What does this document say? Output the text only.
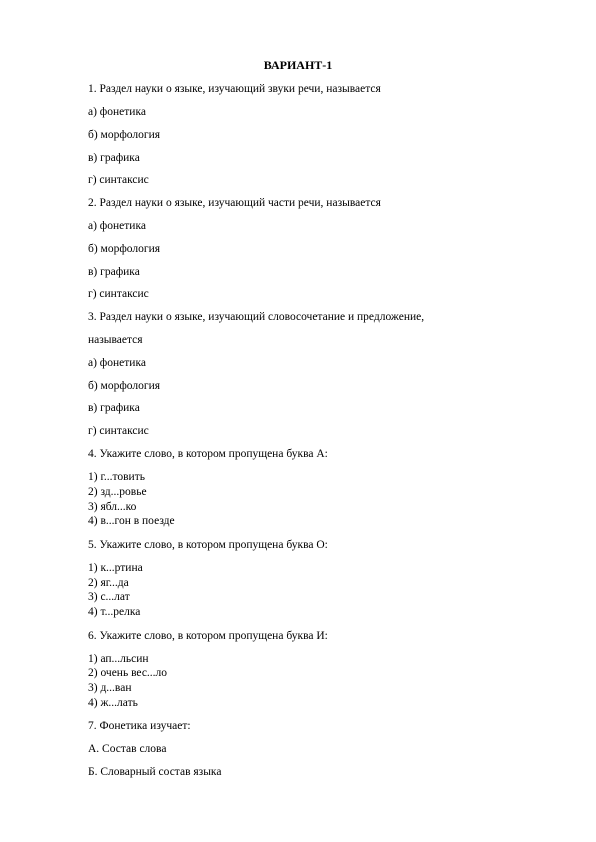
ВАРИАНТ-1
1. Раздел науки о языке, изучающий звуки речи, называется
а) фонетика
б) морфология
в) графика
г) синтаксис
2. Раздел науки о языке, изучающий части речи, называется
а) фонетика
б) морфология
в) графика
г) синтаксис
3. Раздел науки о языке, изучающий словосочетание и предложение,
называется
а) фонетика
б) морфология
в) графика
г) синтаксис
4. Укажите слово, в котором пропущена буква А:
1) г...товить
2) зд...ровье
3) ябл...ко
4) в...гон в поезде
5. Укажите слово, в котором пропущена буква О:
1) к...ртина
2) яг...да
3) с...лат
4) т...релка
6. Укажите слово, в котором пропущена буква И:
1) ап...льсин
2) очень вес...ло
3) д...ван
4) ж...лать
7. Фонетика изучает:
А. Состав слова
Б. Словарный состав языка
